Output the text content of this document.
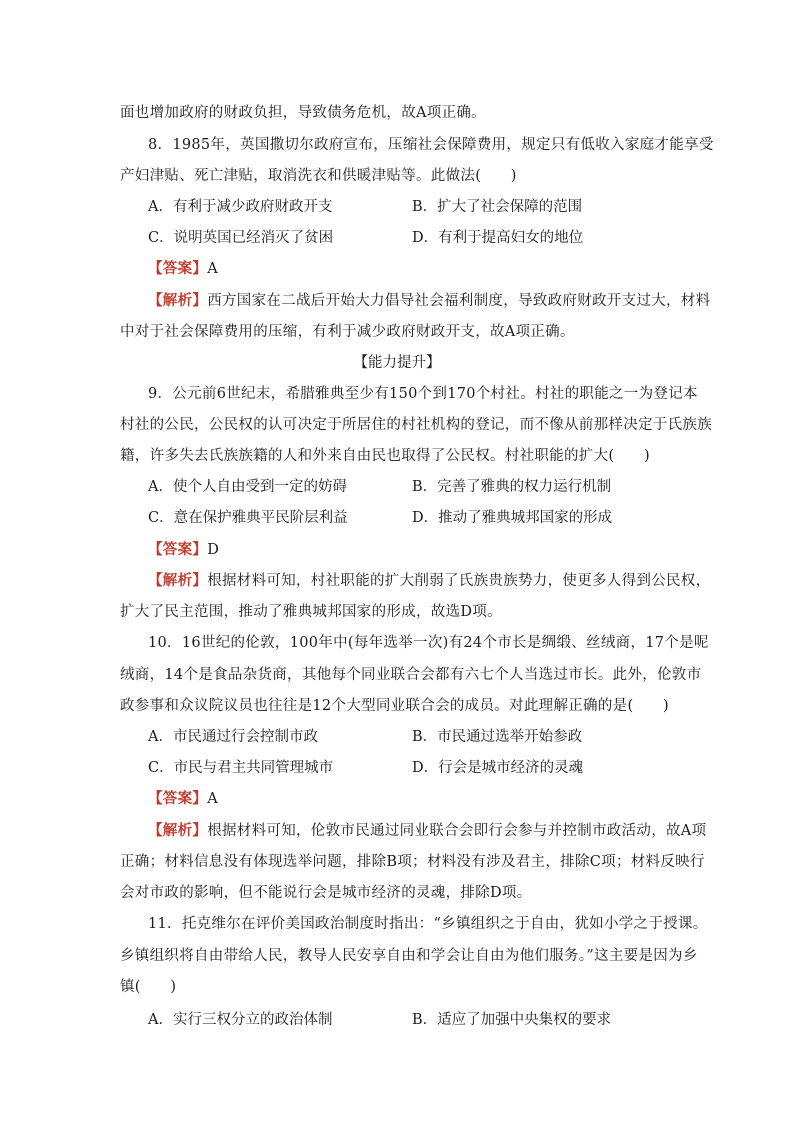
面也增加政府的财政负担，导致债务危机，故A项正确。
8．1985年，英国撒切尔政府宣布，压缩社会保障费用，规定只有低收入家庭才能享受
产妇津贴、死亡津贴，取消洗衣和供暖津贴等。此做法(　　)
A．有利于减少政府财政开支	B．扩大了社会保障的范围
C．说明英国已经消灭了贫困	D．有利于提高妇女的地位
【答案】A
【解析】西方国家在二战后开始大力倡导社会福利制度，导致政府财政开支过大，材料
中对于社会保障费用的压缩，有利于减少政府财政开支，故A项正确。
【能力提升】
9．公元前6世纪末，希腊雅典至少有150个到170个村社。村社的职能之一为登记本
村社的公民，公民权的认可决定于所居住的村社机构的登记，而不像从前那样决定于氏族族
籍，许多失去氏族族籍的人和外来自由民也取得了公民权。村社职能的扩大(　　)
A．使个人自由受到一定的妨碍	B．完善了雅典的权力运行机制
C．意在保护雅典平民阶层利益	D．推动了雅典城邦国家的形成
【答案】D
【解析】根据材料可知，村社职能的扩大削弱了氏族贵族势力，使更多人得到公民权，
扩大了民主范围，推动了雅典城邦国家的形成，故选D项。
10．16世纪的伦敦，100年中(每年选举一次)有24个市长是绸缎、丝绒商，17个是呢
绒商，14个是食品杂货商，其他每个同业联合会都有六七个人当选过市长。此外，伦敦市
政参事和众议院议员也往往是12个大型同业联合会的成员。对此理解正确的是(　　)
A．市民通过行会控制市政	B．市民通过选举开始参政
C．市民与君主共同管理城市	D．行会是城市经济的灵魂
【答案】A
【解析】根据材料可知，伦敦市民通过同业联合会即行会参与并控制市政活动，故A项
正确；材料信息没有体现选举问题，排除B项；材料没有涉及君主，排除C项；材料反映行
会对市政的影响，但不能说行会是城市经济的灵魂，排除D项。
11．托克维尔在评价美国政治制度时指出：“乡镇组织之于自由，犹如小学之于授课。
乡镇组织将自由带给人民，教导人民安享自由和学会让自由为他们服务。”这主要是因为乡
镇(　　)
A．实行三权分立的政治体制	B．适应了加强中央集权的要求
